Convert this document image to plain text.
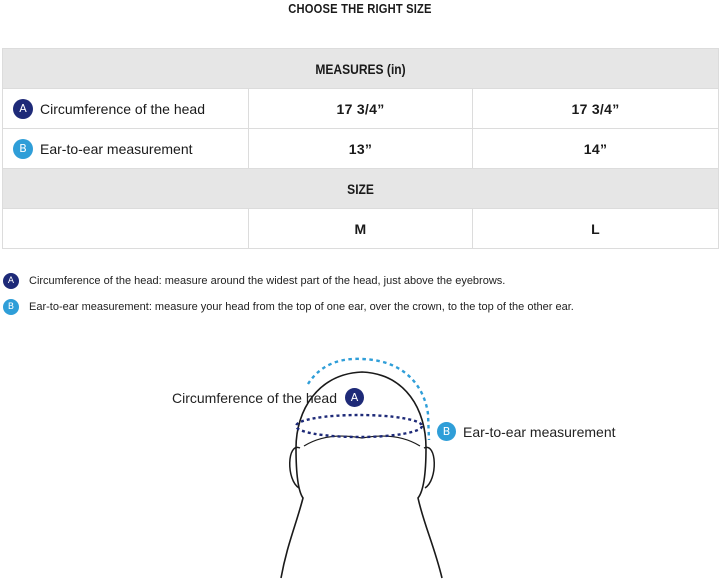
CHOOSE THE RIGHT SIZE
MEASURES (in)		
A Circumference of the head	17 3/4”	17 3/4”
B Ear-to-ear measurement	13”	14”
SIZE		
	M	L
A	Circumference of the head: measure around the widest part of the head, just above the eyebrows.
B	Ear-to-ear measurement: measure your head from the top of one ear, over the crown, to the top of the other ear.
Circumference of the head	A
B Ear-to-ear measurement
